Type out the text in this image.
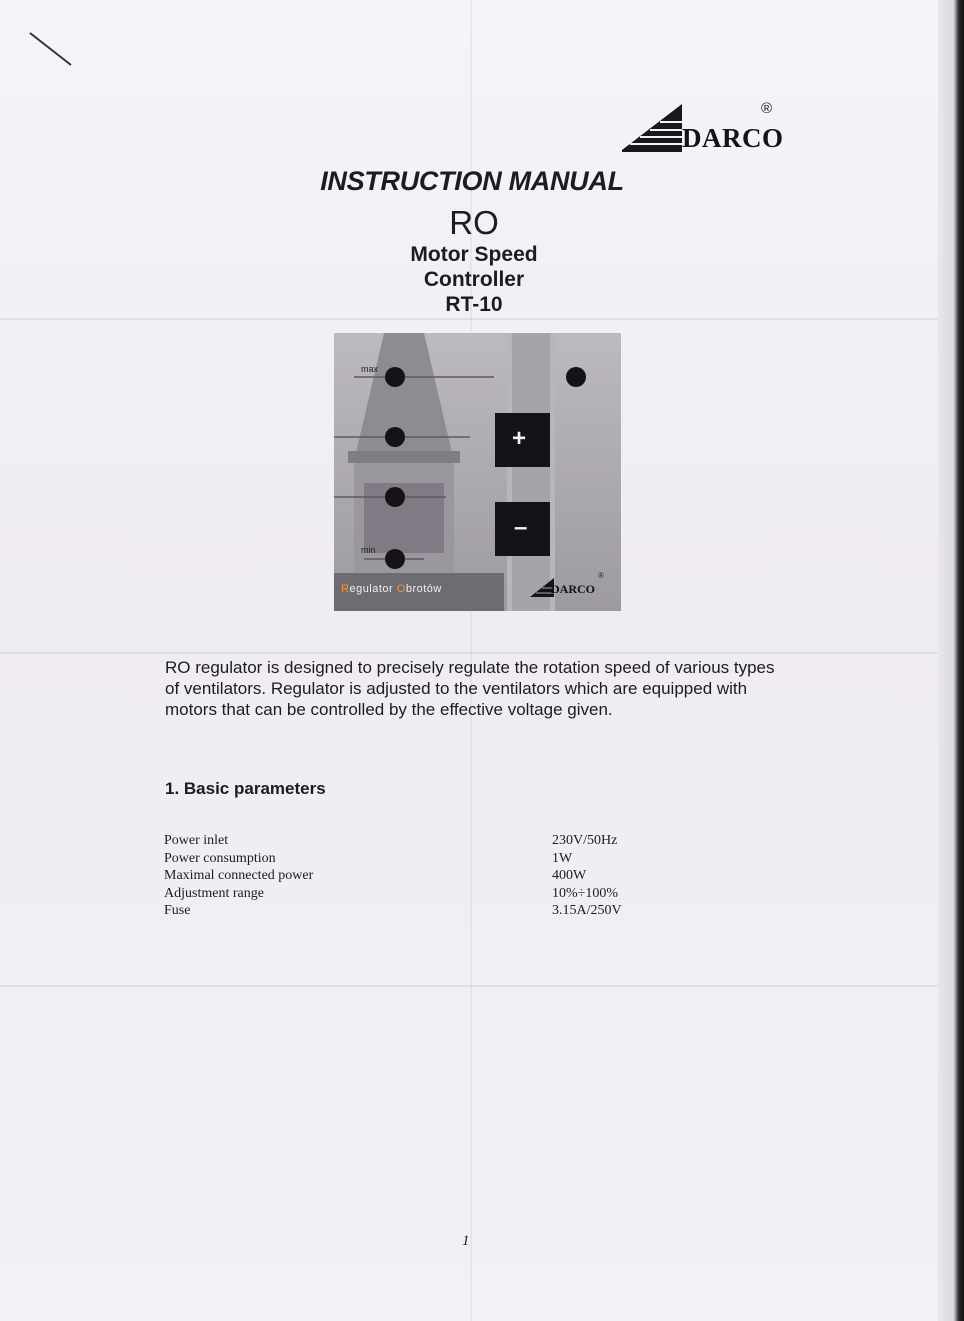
DARCO
®
INSTRUCTION MANUAL
RO
Motor Speed
Controller
RT-10
max
min
+
–
Regulator Obrotów	DARCO
®

RO regulator is designed to precisely regulate the rotation speed of various types of ventilators. Regulator is adjusted to the ventilators which are equipped with motors that can be controlled by the effective voltage given.

1. Basic parameters
Power inlet	230V/50Hz
Power consumption	1W
Maximal connected power	400W
Adjustment range	10%÷100%
Fuse	3.15A/250V
1
